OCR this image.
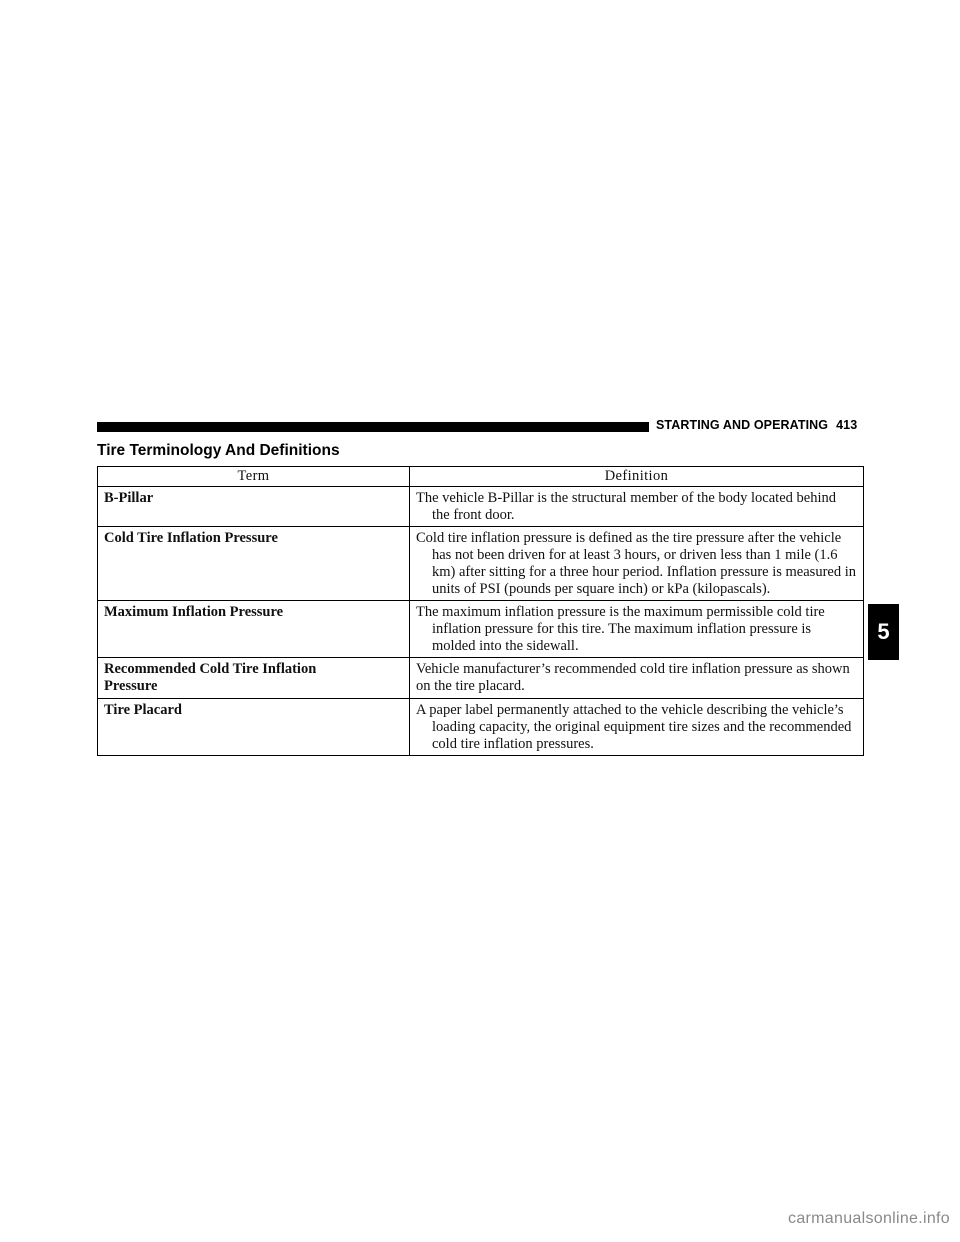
STARTING AND OPERATING 413
Tire Terminology And Definitions
Term	Definition
B-Pillar	The vehicle B-Pillar is the structural member of the body located behind the front door.

Cold Tire Inflation Pressure	Cold tire inflation pressure is defined as the tire pressure after the vehicle has not been driven for at least 3 hours, or driven less than 1 mile (1.6 km) after sitting for a three hour period. Inflation pressure is measured in units of PSI (pounds per square inch) or kPa (kilopascals).

Maximum Inflation Pressure	The maximum inflation pressure is the maximum permissible cold tire inflation pressure for this tire. The maximum inflation pressure is molded into the sidewall.

Recommended Cold Tire Inflation
Pressure	Vehicle manufacturer’s recommended cold tire inflation pressure as shown on the tire placard.

Tire Placard	A paper label permanently attached to the vehicle describing the vehicle’s loading capacity, the original equipment tire sizes and the recommended cold tire inflation pressures.
5
carmanualsonline.info
